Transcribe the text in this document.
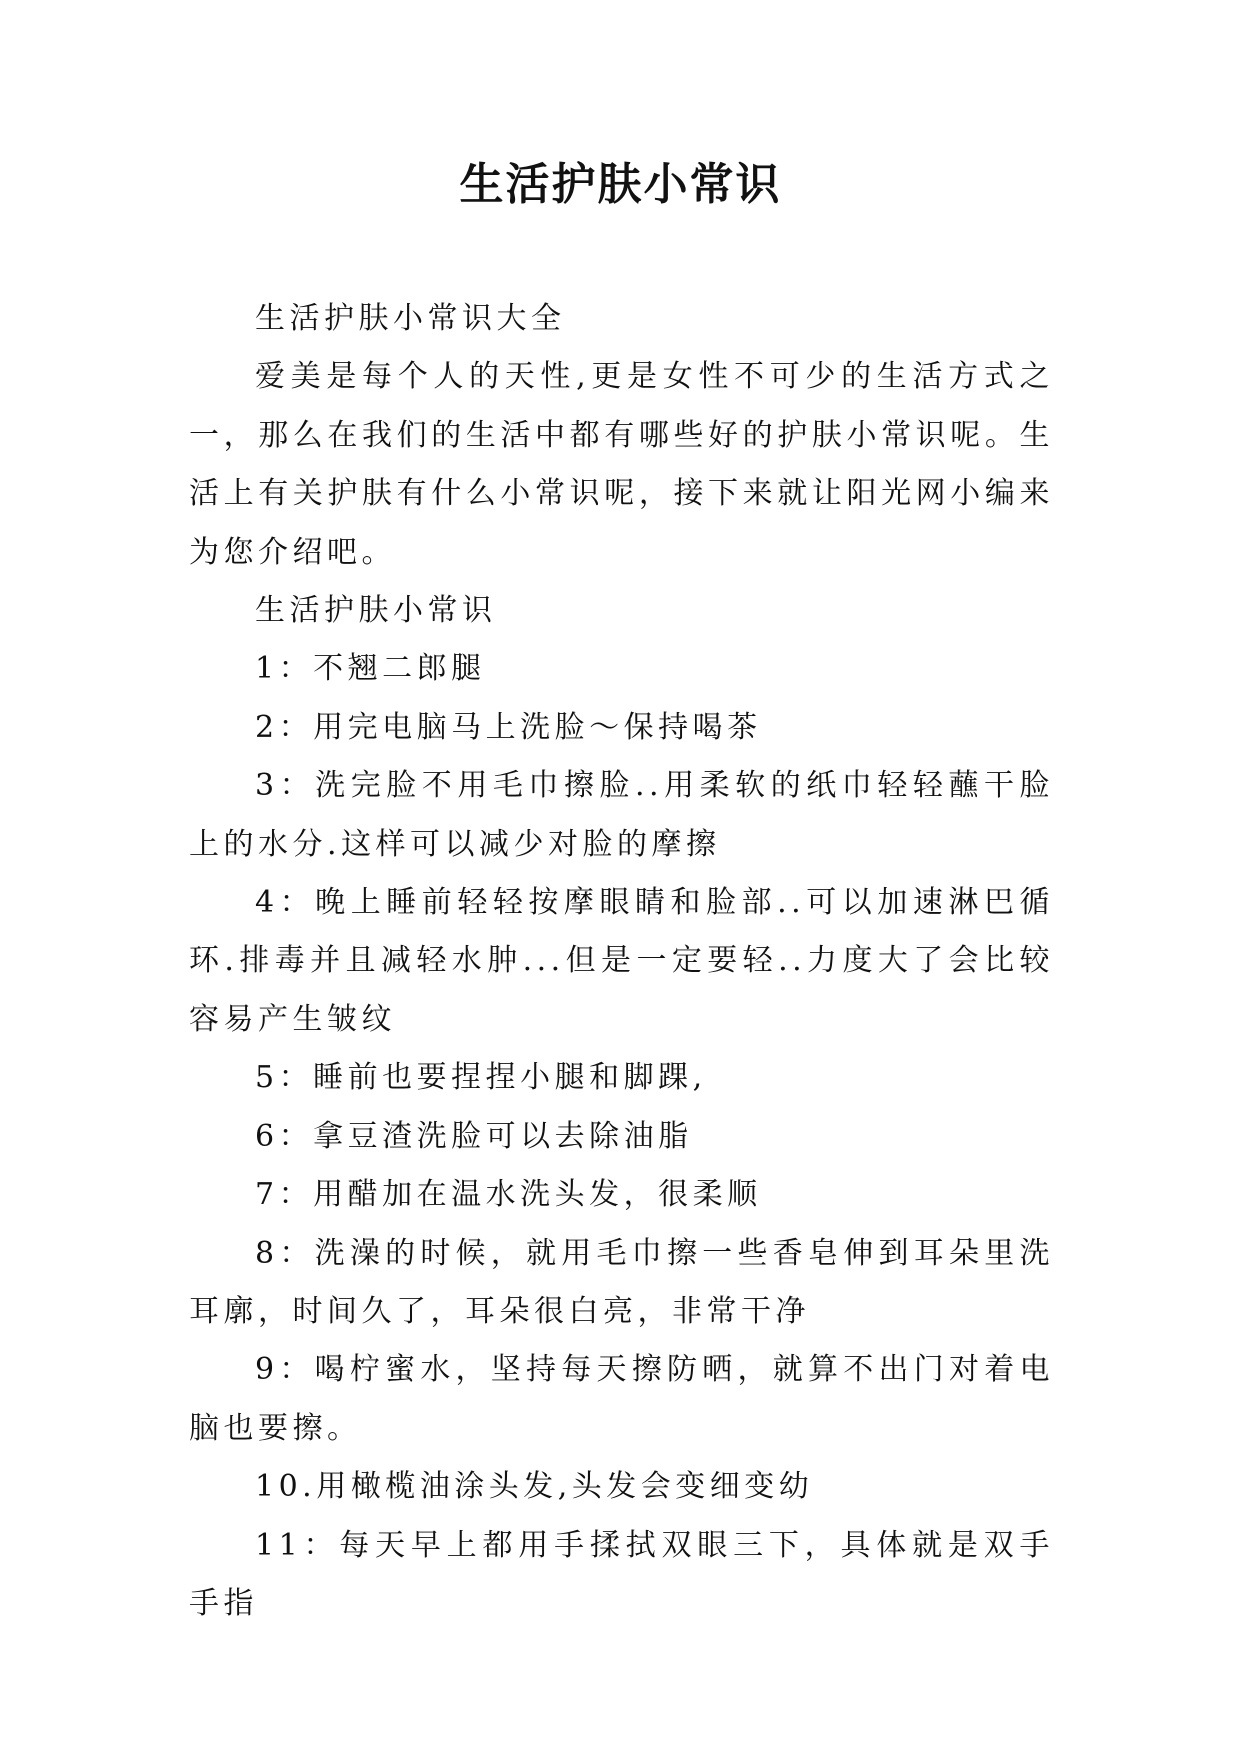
生活护肤小常识

生活护肤小常识大全

爱美是每个人的天性,更是女性不可少的生活方式之一，那么在我们的生活中都有哪些好的护肤小常识呢。生活上有关护肤有什么小常识呢，接下来就让阳光网小编来为您介绍吧。

生活护肤小常识

1：不翘二郎腿

2：用完电脑马上洗脸～保持喝茶

3：洗完脸不用毛巾擦脸..用柔软的纸巾轻轻蘸干脸上的水分.这样可以减少对脸的摩擦

4：晚上睡前轻轻按摩眼睛和脸部..可以加速淋巴循环.排毒并且减轻水肿...但是一定要轻..力度大了会比较容易产生皱纹

5：睡前也要捏捏小腿和脚踝,

6：拿豆渣洗脸可以去除油脂

7：用醋加在温水洗头发，很柔顺

8：洗澡的时候，就用毛巾擦一些香皂伸到耳朵里洗耳廓，时间久了，耳朵很白亮，非常干净

9：喝柠蜜水，坚持每天擦防晒，就算不出门对着电脑也要擦。

10.用橄榄油涂头发,头发会变细变幼

11：每天早上都用手揉拭双眼三下，具体就是双手手指
